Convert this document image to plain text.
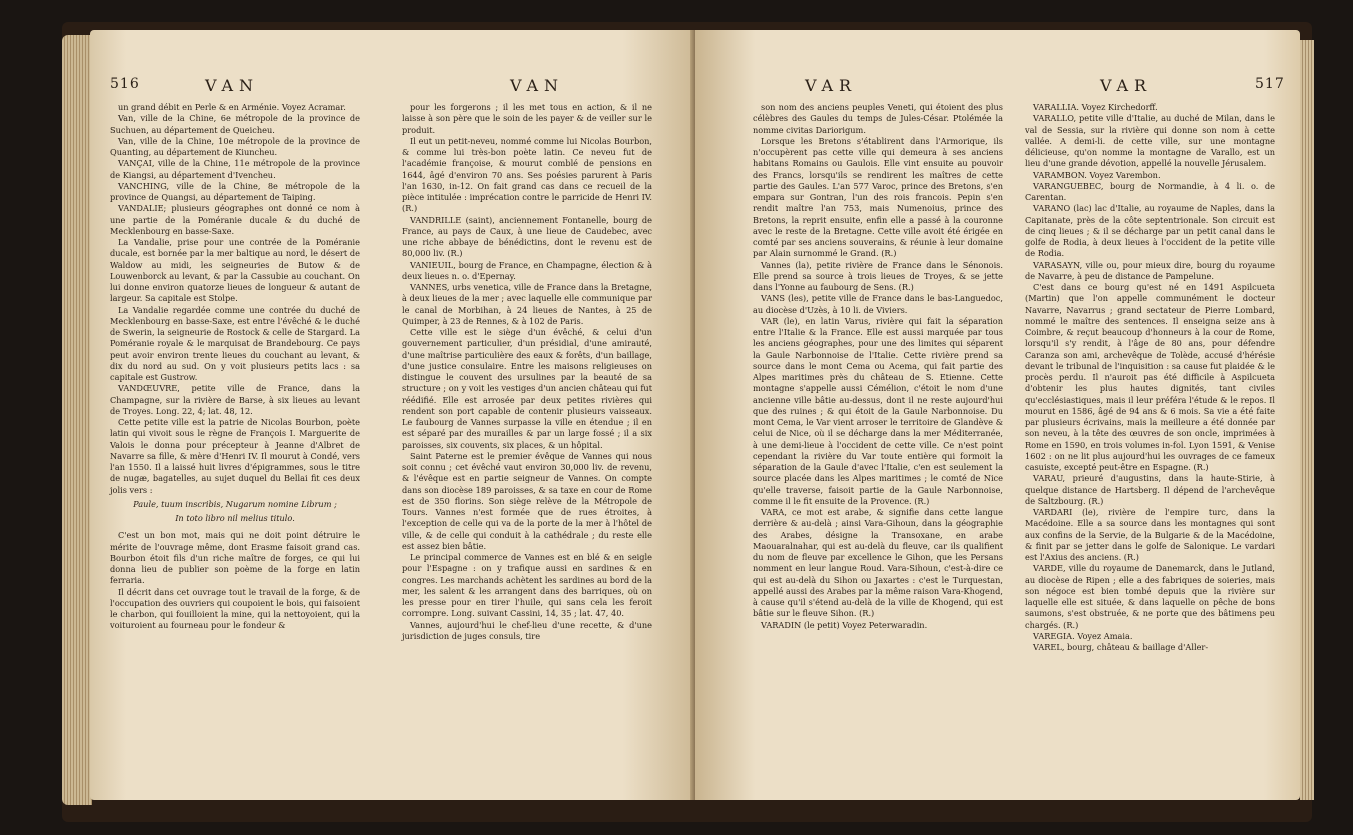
516	VAN	VAN

un grand débit en Perle & en Arménie. Voyez Acramar.

Van, ville de la Chine, 6e métropole de la province de Suchuen, au département de Queicheu.

Van, ville de la Chine, 10e métropole de la province de Quanting, au département de Kiuncheu.

VANÇAI, ville de la Chine, 11e métropole de la province de Kiangsi, au département d'Ivencheu.

VANCHING, ville de la Chine, 8e métropole de la province de Quangsi, au département de Taiping.

VANDALIE; plusieurs géographes ont donné ce nom à une partie de la Poméranie ducale & du duché de Mecklenbourg en basse-Saxe.

La Vandalie, prise pour une contrée de la Poméranie ducale, est bornée par la mer baltique au nord, le désert de Waldow au midi, les seigneuries de Butow & de Louwenborck au levant, & par la Cassubie au couchant. On lui donne environ quatorze lieues de longueur & autant de largeur. Sa capitale est Stolpe.

La Vandalie regardée comme une contrée du duché de Mecklenbourg en basse-Saxe, est entre l'évêché & le duché de Swerin, la seigneurie de Rostock & celle de Stargard. La Poméranie royale & le marquisat de Brandebourg. Ce pays peut avoir environ trente lieues du couchant au levant, & dix du nord au sud. On y voit plusieurs petits lacs : sa capitale est Gustrow.

VANDŒUVRE, petite ville de France, dans la Champagne, sur la rivière de Barse, à six lieues au levant de Troyes. Long. 22, 4; lat. 48, 12.

Cette petite ville est la patrie de Nicolas Bourbon, poète latin qui vivoit sous le règne de François I. Marguerite de Valois le donna pour précepteur à Jeanne d'Albret de Navarre sa fille, & mère d'Henri IV. Il mourut à Condé, vers l'an 1550. Il a laissé huit livres d'épigrammes, sous le titre de nugæ, bagatelles, au sujet duquel du Bellai fit ces deux jolis vers :

Paule, tuum inscribis, Nugarum nomine Librum ;

In toto libro nil melius titulo.

C'est un bon mot, mais qui ne doit point détruire le mérite de l'ouvrage même, dont Erasme faisoit grand cas. Bourbon étoit fils d'un riche maître de forges, ce qui lui donna lieu de publier son poème de la forge en latin ferraria.

Il décrit dans cet ouvrage tout le travail de la forge, & de l'occupation des ouvriers qui coupoient le bois, qui faisoient le charbon, qui fouilloient la mine, qui la nettoyoient, qui la voituroient au fourneau pour le fondeur &

pour les forgerons ; il les met tous en action, & il ne laisse à son père que le soin de les payer & de veiller sur le produit.

Il eut un petit-neveu, nommé comme lui Nicolas Bourbon, & comme lui très-bon poète latin. Ce neveu fut de l'académie françoise, & mourut comblé de pensions en 1644, âgé d'environ 70 ans. Ses poésies parurent à Paris l'an 1630, in-12. On fait grand cas dans ce recueil de la pièce intitulée : imprécation contre le parricide de Henri IV. (R.)

VANDRILLE (saint), anciennement Fontanelle, bourg de France, au pays de Caux, à une lieue de Caudebec, avec une riche abbaye de bénédictins, dont le revenu est de 80,000 liv. (R.)

VANIEUIL, bourg de France, en Champagne, élection & à deux lieues n. o. d'Epernay.

VANNES, urbs venetica, ville de France dans la Bretagne, à deux lieues de la mer ; avec laquelle elle communique par le canal de Morbihan, à 24 lieues de Nantes, à 25 de Quimper, à 23 de Rennes, & à 102 de Paris.

Cette ville est le siège d'un évêché, & celui d'un gouvernement particulier, d'un présidial, d'une amirauté, d'une maîtrise particulière des eaux & forêts, d'un baillage, d'une justice consulaire. Entre les maisons religieuses on distingue le couvent des ursulines par la beauté de sa structure ; on y voit les vestiges d'un ancien château qui fut réédifié. Elle est arrosée par deux petites rivières qui rendent son port capable de contenir plusieurs vaisseaux. Le faubourg de Vannes surpasse la ville en étendue ; il en est séparé par des murailles & par un large fossé ; il a six paroisses, six couvents, six places, & un hôpital.

Saint Paterne est le premier évêque de Vannes qui nous soit connu ; cet évêché vaut environ 30,000 liv. de revenu, & l'évêque est en partie seigneur de Vannes. On compte dans son diocèse 189 paroisses, & sa taxe en cour de Rome est de 350 florins. Son siège relève de la Métropole de Tours. Vannes n'est formée que de rues étroites, à l'exception de celle qui va de la porte de la mer à l'hôtel de ville, & de celle qui conduit à la cathédrale ; du reste elle est assez bien bâtie.

Le principal commerce de Vannes est en blé & en seigle pour l'Espagne : on y trafique aussi en sardines & en congres. Les marchands achètent les sardines au bord de la mer, les salent & les arrangent dans des barriques, où on les presse pour en tirer l'huile, qui sans cela les feroit corrompre. Long. suivant Cassini, 14, 35 ; lat. 47, 40.

Vannes, aujourd'hui le chef-lieu d'une recette, & d'une jurisdiction de juges consuls, tire

VAR	VAR	517

son nom des anciens peuples Veneti, qui étoient des plus célèbres des Gaules du temps de Jules-César. Ptolémée la nomme civitas Dariorigum.

Lorsque les Bretons s'établirent dans l'Armorique, ils n'occupèrent pas cette ville qui demeura à ses anciens habitans Romains ou Gaulois. Elle vint ensuite au pouvoir des Francs, lorsqu'ils se rendirent les maîtres de cette partie des Gaules. L'an 577 Varoc, prince des Bretons, s'en empara sur Gontran, l'un des rois francois. Pepin s'en rendit maître l'an 753, mais Numenoius, prince des Bretons, la reprit ensuite, enfin elle a passé à la couronne avec le reste de la Bretagne. Cette ville avoit été érigée en comté par ses anciens souverains, & réunie à leur domaine par Alain surnommé le Grand. (R.)

Vannes (la), petite rivière de France dans le Sénonois. Elle prend sa source à trois lieues de Troyes, & se jette dans l'Yonne au faubourg de Sens. (R.)

VANS (les), petite ville de France dans le bas-Languedoc, au diocèse d'Uzès, à 10 li. de Viviers.

VAR (le), en latin Varus, rivière qui fait la séparation entre l'Italie & la France. Elle est aussi marquée par tous les anciens géographes, pour une des limites qui séparent la Gaule Narbonnoise de l'Italie. Cette rivière prend sa source dans le mont Cema ou Acema, qui fait partie des Alpes maritimes près du château de S. Etienne. Cette montagne s'appelle aussi Cémélion, c'étoit le nom d'une ancienne ville bâtie au-dessus, dont il ne reste aujourd'hui que des ruines ; & qui étoit de la Gaule Narbonnoise. Du mont Cema, le Var vient arroser le territoire de Glandève & celui de Nice, où il se décharge dans la mer Méditerranée, à une demi-lieue à l'occident de cette ville. Ce n'est point cependant la rivière du Var toute entière qui formoit la séparation de la Gaule d'avec l'Italie, c'en est seulement la source placée dans les Alpes maritimes ; le comté de Nice qu'elle traverse, faisoit partie de la Gaule Narbonnoise, comme il le fit ensuite de la Provence. (R.)

VARA, ce mot est arabe, & signifie dans cette langue derrière & au-delà ; ainsi Vara-Gihoun, dans la géographie des Arabes, désigne la Transoxane, en arabe Maouaralnahar, qui est au-delà du fleuve, car ils qualifient du nom de fleuve par excellence le Gihon, que les Persans nomment en leur langue Roud. Vara-Sihoun, c'est-à-dire ce qui est au-delà du Sihon ou Jaxartes : c'est le Turquestan, appellé aussi des Arabes par la même raison Vara-Khogend, à cause qu'il s'étend au-delà de la ville de Khogend, qui est bâtie sur le fleuve Sihon. (R.)

VARADIN (le petit) Voyez Peterwaradin.

VARALLIA. Voyez Kirchedorff.

VARALLO, petite ville d'Italie, au duché de Milan, dans le val de Sessia, sur la rivière qui donne son nom à cette vallée. A demi-li. de cette ville, sur une montagne délicieuse, qu'on nomme la montagne de Varallo, est un lieu d'une grande dévotion, appellé la nouvelle Jérusalem.

VARAMBON. Voyez Varembon.

VARANGUEBEC, bourg de Normandie, à 4 li. o. de Carentan.

VARANO (lac) lac d'Italie, au royaume de Naples, dans la Capitanate, près de la côte septentrionale. Son circuit est de cinq lieues ; & il se décharge par un petit canal dans le golfe de Rodia, à deux lieues à l'occident de la petite ville de Rodia.

VARASAYN, ville ou, pour mieux dire, bourg du royaume de Navarre, à peu de distance de Pampelune.

C'est dans ce bourg qu'est né en 1491 Aspilcueta (Martin) que l'on appelle communément le docteur Navarre, Navarrus ; grand sectateur de Pierre Lombard, nommé le maître des sentences. Il enseigna seize ans à Coimbre, & reçut beaucoup d'honneurs à la cour de Rome, lorsqu'il s'y rendit, à l'âge de 80 ans, pour défendre Caranza son ami, archevêque de Tolède, accusé d'hérésie devant le tribunal de l'inquisition : sa cause fut plaidée & le procès perdu. Il n'auroit pas été difficile à Aspilcueta d'obtenir les plus hautes dignités, tant civiles qu'ecclésiastiques, mais il leur préféra l'étude & le repos. Il mourut en 1586, âgé de 94 ans & 6 mois. Sa vie a été faite par plusieurs écrivains, mais la meilleure a été donnée par son neveu, à la tête des œuvres de son oncle, imprimées à Rome en 1590, en trois volumes in-fol. Lyon 1591, & Venise 1602 : on ne lit plus aujourd'hui les ouvrages de ce fameux casuiste, excepté peut-être en Espagne. (R.)

VARAU, prieuré d'augustins, dans la haute-Stirie, à quelque distance de Hartsberg. Il dépend de l'archevêque de Saltzbourg. (R.)

VARDARI (le), rivière de l'empire turc, dans la Macédoine. Elle a sa source dans les montagnes qui sont aux confins de la Servie, de la Bulgarie & de la Macédoine, & finit par se jetter dans le golfe de Salonique. Le vardari est l'Axius des anciens. (R.)

VARDE, ville du royaume de Danemarck, dans le Jutland, au diocèse de Ripen ; elle a des fabriques de soieries, mais son négoce est bien tombé depuis que la rivière sur laquelle elle est située, & dans laquelle on pêche de bons saumons, s'est obstruée, & ne porte que des bâtimens peu chargés. (R.)

VAREGIA. Voyez Amaia.

VAREL, bourg, château & baillage d'Aller-
